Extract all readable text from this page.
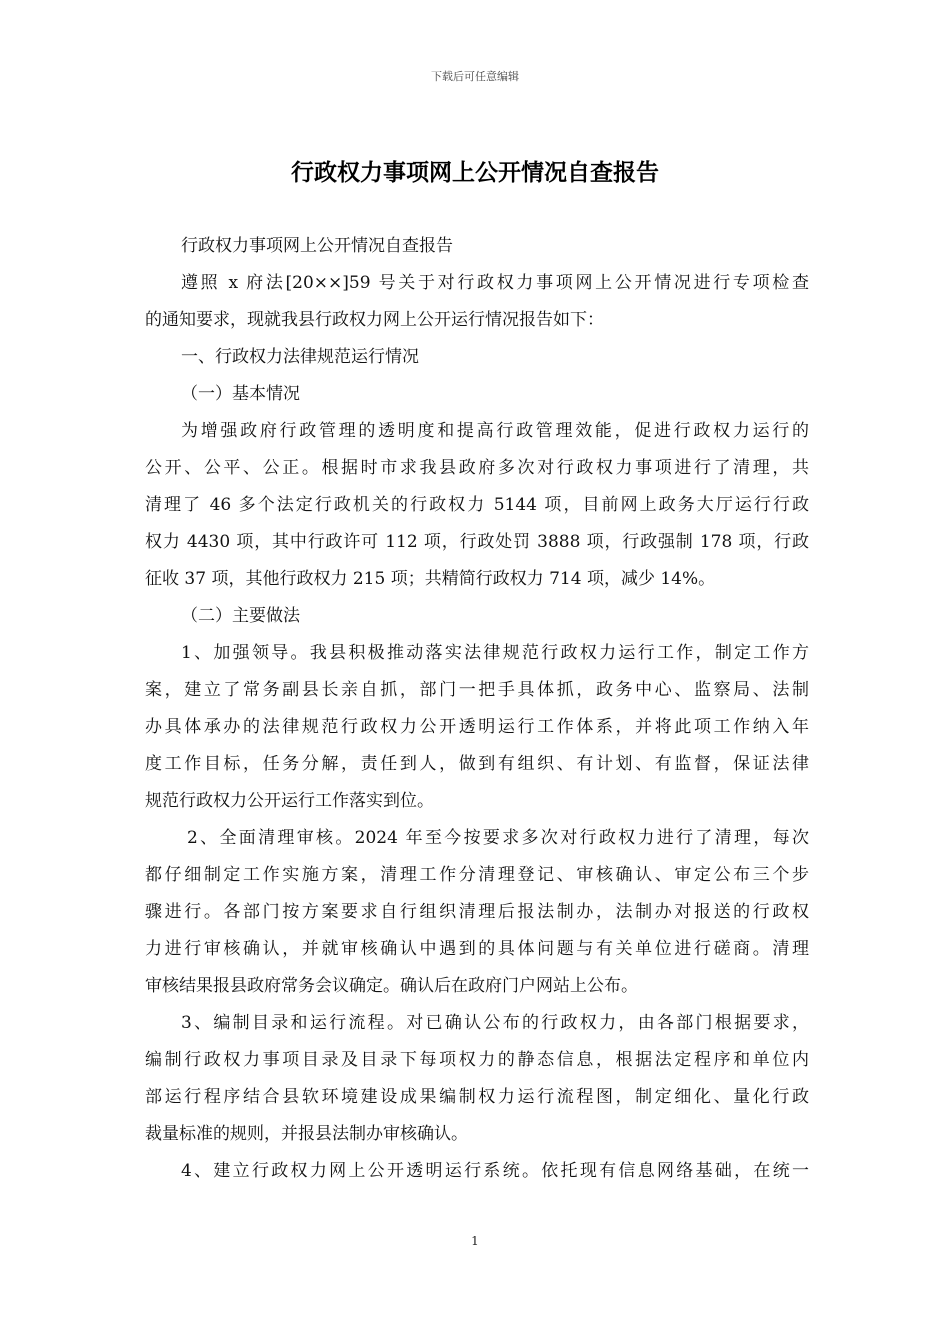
下载后可任意编辑
行政权力事项网上公开情况自查报告
行政权力事项网上公开情况自查报告
遵照 x 府法[20××]59 号关于对行政权力事项网上公开情况进行专项检查
的通知要求，现就我县行政权力网上公开运行情况报告如下：
一、行政权力法律规范运行情况
（一）基本情况
为增强政府行政管理的透明度和提高行政管理效能，促进行政权力运行的
公开、公平、公正。根据时市求我县政府多次对行政权力事项进行了清理，共
清理了 46 多个法定行政机关的行政权力 5144 项，目前网上政务大厅运行行政
权力 4430 项，其中行政许可 112 项，行政处罚 3888 项，行政强制 178 项，行政
征收 37 项，其他行政权力 215 项；共精简行政权力 714 项，减少 14%。
（二）主要做法
1、加强领导。我县积极推动落实法律规范行政权力运行工作，制定工作方
案，建立了常务副县长亲自抓，部门一把手具体抓，政务中心、监察局、法制
办具体承办的法律规范行政权力公开透明运行工作体系，并将此项工作纳入年
度工作目标，任务分解，责任到人，做到有组织、有计划、有监督，保证法律
规范行政权力公开运行工作落实到位。
2、全面清理审核。2024 年至今按要求多次对行政权力进行了清理，每次
都仔细制定工作实施方案，清理工作分清理登记、审核确认、审定公布三个步
骤进行。各部门按方案要求自行组织清理后报法制办，法制办对报送的行政权
力进行审核确认，并就审核确认中遇到的具体问题与有关单位进行磋商。清理
审核结果报县政府常务会议确定。确认后在政府门户网站上公布。
3、编制目录和运行流程。对已确认公布的行政权力，由各部门根据要求，
编制行政权力事项目录及目录下每项权力的静态信息，根据法定程序和单位内
部运行程序结合县软环境建设成果编制权力运行流程图，制定细化、量化行政
裁量标准的规则，并报县法制办审核确认。
4、建立行政权力网上公开透明运行系统。依托现有信息网络基础，在统一
1
